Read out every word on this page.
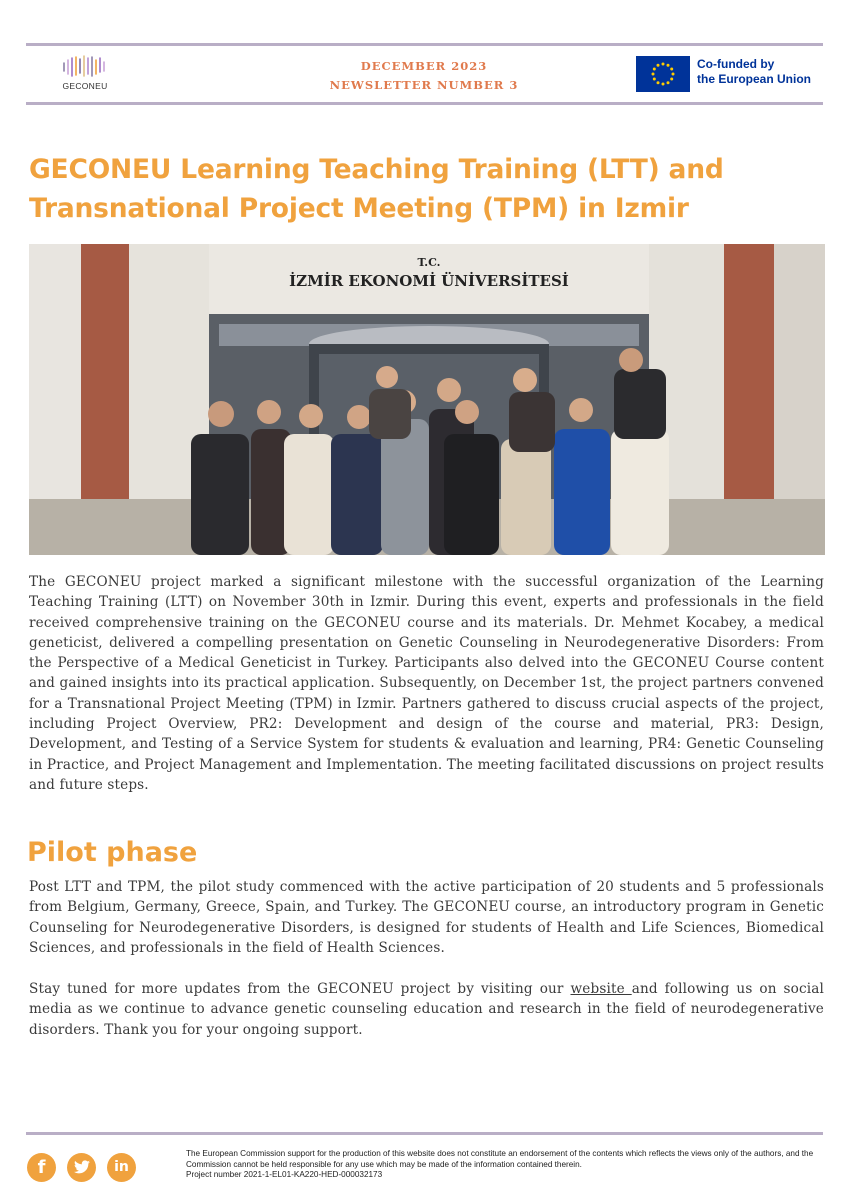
GECONEU
DECEMBER 2023
NEWSLETTER NUMBER 3
Co-funded by
the European Union
GECONEU Learning Teaching Training (LTT) and Transnational Project Meeting (TPM) in Izmir
T.C.
İZMİR EKONOMİ ÜNİVERSİTESİ

The GECONEU project marked a significant milestone with the successful organization of the Learning Teaching Training (LTT) on November 30th in Izmir. During this event, experts and professionals in the field received comprehensive training on the GECONEU course and its materials. Dr. Mehmet Kocabey, a medical geneticist, delivered a compelling presentation on Genetic Counseling in Neurodegenerative Disorders: From the Perspective of a Medical Geneticist in Turkey. Participants also delved into the GECONEU Course content and gained insights into its practical application. Subsequently, on December 1st, the project partners convened for a Transnational Project Meeting (TPM) in Izmir. Partners gathered to discuss crucial aspects of the project, including Project Overview, PR2: Development and design of the course and material, PR3: Design, Development, and Testing of a Service System for students & evaluation and learning, PR4: Genetic Counseling in Practice, and Project Management and Implementation. The meeting facilitated discussions on project results and future steps.

Pilot phase

Post LTT and TPM, the pilot study commenced with the active participation of 20 students and 5 professionals from Belgium, Germany, Greece, Spain, and Turkey. The GECONEU course, an introductory program in Genetic Counseling for Neurodegenerative Disorders, is designed for students of Health and Life Sciences, Biomedical Sciences, and professionals in the field of Health Sciences.

Stay tuned for more updates from the GECONEU project by visiting our website and following us on social media as we continue to advance genetic counseling education and research in the field of neurodegenerative disorders. Thank you for your ongoing support.

f	in
The European Commission support for the production of this website does not constitute an endorsement of the contents which reflects the views only of the authors, and the Commission cannot be held responsible for any use which may be made of the information contained therein.
Project number 2021-1-EL01-KA220-HED-000032173
